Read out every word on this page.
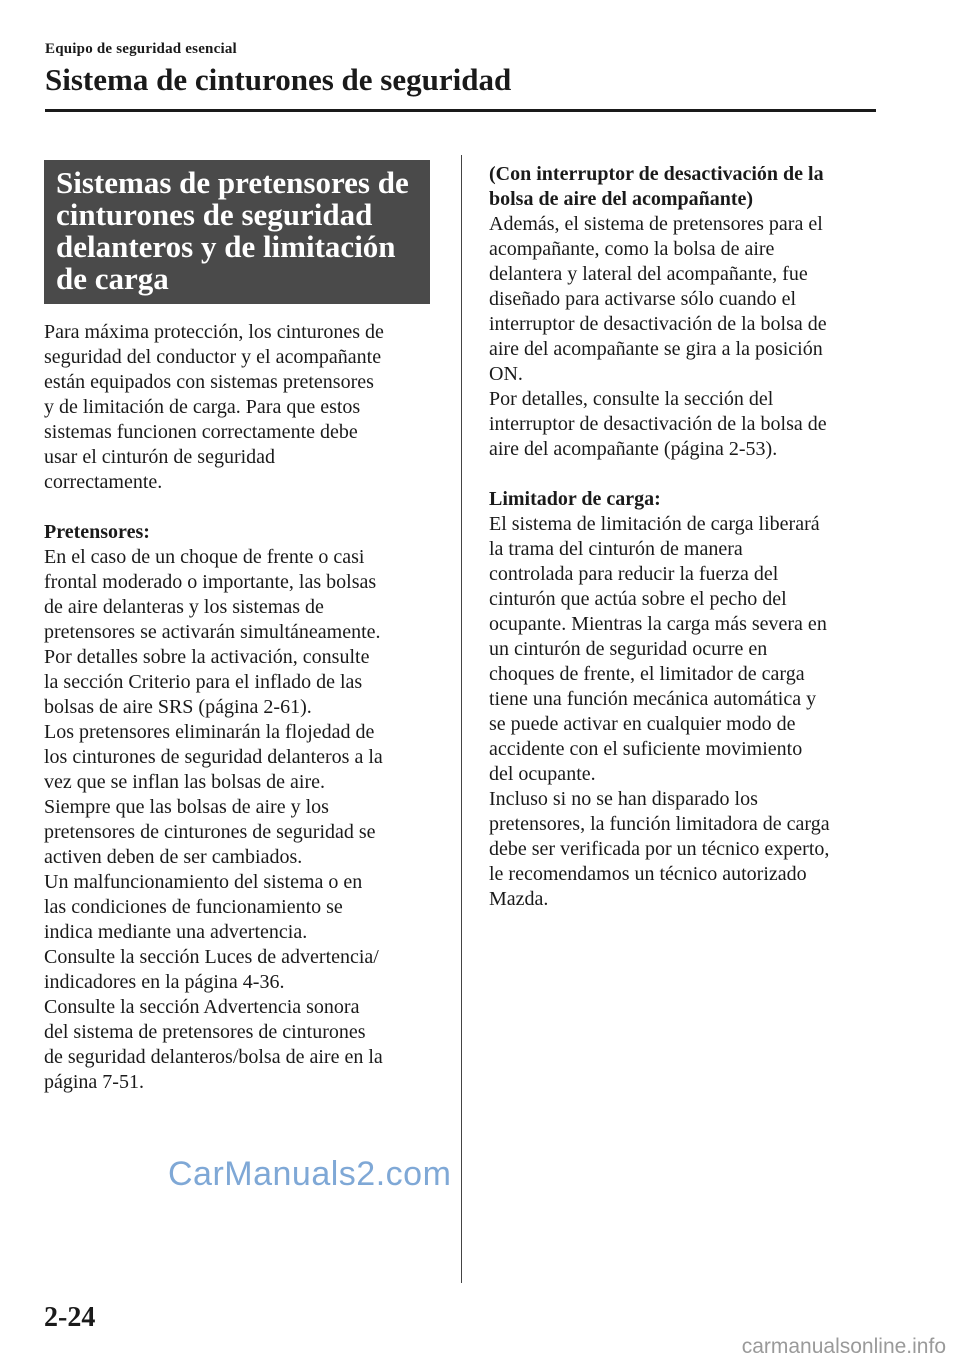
Equipo de seguridad esencial
Sistema de cinturones de seguridad
Sistemas de pretensores de
cinturones de seguridad
delanteros y de limitación
de carga

Para máxima protección, los cinturones de
seguridad del conductor y el acompañante
están equipados con sistemas pretensores
y de limitación de carga. Para que estos
sistemas funcionen correctamente debe
usar el cinturón de seguridad
correctamente.

Pretensores:
En el caso de un choque de frente o casi
frontal moderado o importante, las bolsas
de aire delanteras y los sistemas de
pretensores se activarán simultáneamente.
Por detalles sobre la activación, consulte
la sección Criterio para el inflado de las
bolsas de aire SRS (página 2-61).
Los pretensores eliminarán la flojedad de
los cinturones de seguridad delanteros a la
vez que se inflan las bolsas de aire.
Siempre que las bolsas de aire y los
pretensores de cinturones de seguridad se
activen deben de ser cambiados.
Un malfuncionamiento del sistema o en
las condiciones de funcionamiento se
indica mediante una advertencia.
Consulte la sección Luces de advertencia/
indicadores en la página 4-36.
Consulte la sección Advertencia sonora
del sistema de pretensores de cinturones
de seguridad delanteros/bolsa de aire en la
página 7-51.

(Con interruptor de desactivación de la
bolsa de aire del acompañante)
Además, el sistema de pretensores para el
acompañante, como la bolsa de aire
delantera y lateral del acompañante, fue
diseñado para activarse sólo cuando el
interruptor de desactivación de la bolsa de
aire del acompañante se gira a la posición
ON.
Por detalles, consulte la sección del
interruptor de desactivación de la bolsa de
aire del acompañante (página 2-53).

Limitador de carga:
El sistema de limitación de carga liberará
la trama del cinturón de manera
controlada para reducir la fuerza del
cinturón que actúa sobre el pecho del
ocupante. Mientras la carga más severa en
un cinturón de seguridad ocurre en
choques de frente, el limitador de carga
tiene una función mecánica automática y
se puede activar en cualquier modo de
accidente con el suficiente movimiento
del ocupante.
Incluso si no se han disparado los
pretensores, la función limitadora de carga
debe ser verificada por un técnico experto,
le recomendamos un técnico autorizado
Mazda.

CarManuals2.com
2-24
carmanualsonline.info
